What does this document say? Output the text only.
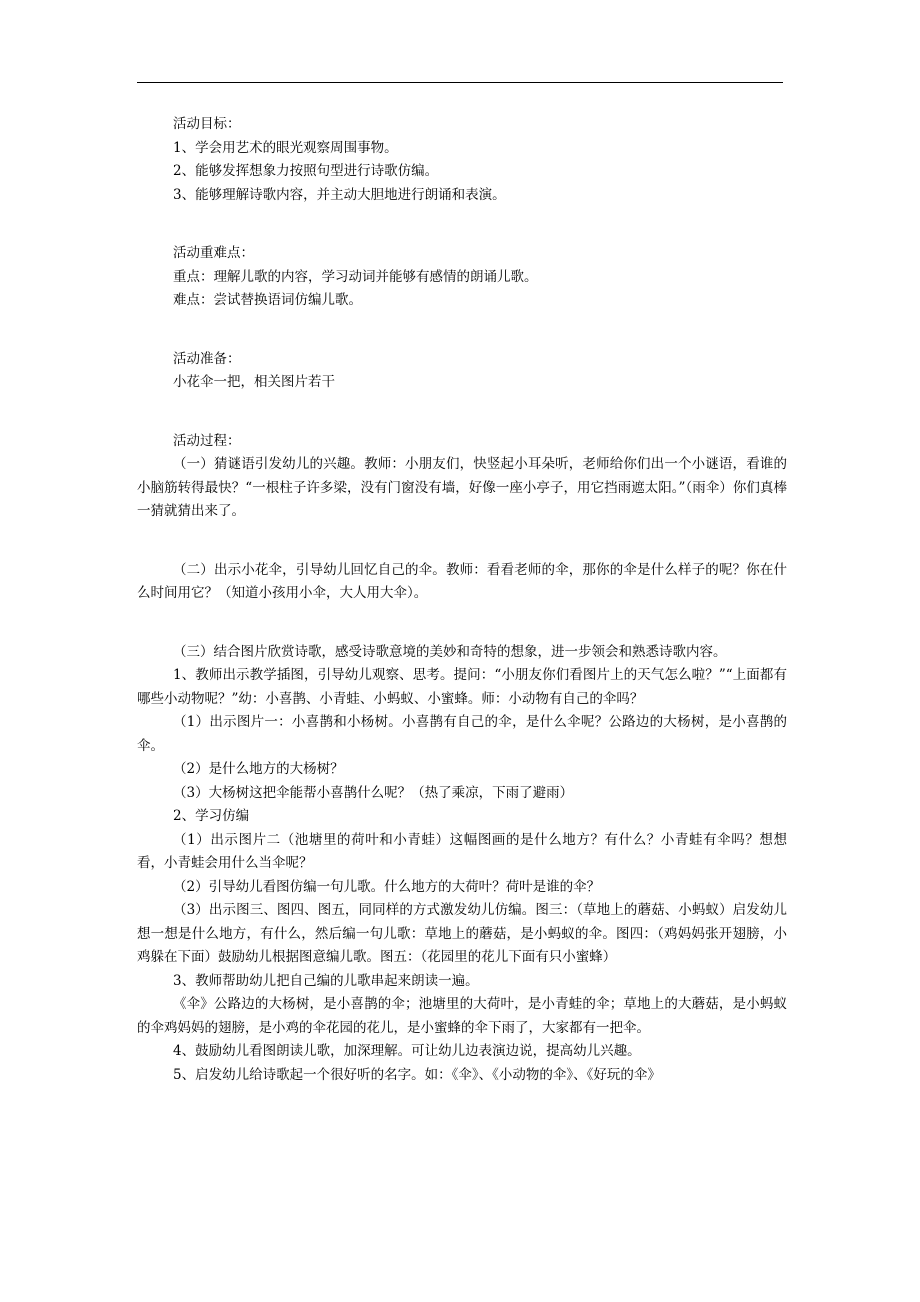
活动目标：

1、学会用艺术的眼光观察周围事物。

2、能够发挥想象力按照句型进行诗歌仿编。

3、能够理解诗歌内容，并主动大胆地进行朗诵和表演。

活动重难点：

重点：理解儿歌的内容，学习动词并能够有感情的朗诵儿歌。

难点：尝试替换语词仿编儿歌。

活动准备：

小花伞一把，相关图片若干

活动过程：

（一）猜谜语引发幼儿的兴趣。教师：小朋友们，快竖起小耳朵听，老师给你们出一个小谜语，看谁的小脑筋转得最快？“一根柱子许多梁，没有门窗没有墙，好像一座小亭子，用它挡雨遮太阳。”（雨伞）你们真棒一猜就猜出来了。

（二）出示小花伞，引导幼儿回忆自己的伞。教师：看看老师的伞，那你的伞是什么样子的呢？你在什么时间用它？（知道小孩用小伞，大人用大伞）。

（三）结合图片欣赏诗歌，感受诗歌意境的美妙和奇特的想象，进一步领会和熟悉诗歌内容。

1、教师出示教学插图，引导幼儿观察、思考。提问：“小朋友你们看图片上的天气怎么啦？”“上面都有哪些小动物呢？”幼：小喜鹊、小青蛙、小蚂蚁、小蜜蜂。师：小动物有自己的伞吗？

（1）出示图片一：小喜鹊和小杨树。小喜鹊有自己的伞，是什么伞呢？公路边的大杨树，是小喜鹊的伞。

（2）是什么地方的大杨树？

（3）大杨树这把伞能帮小喜鹊什么呢？（热了乘凉，下雨了避雨）

2、学习仿编

（1）出示图片二（池塘里的荷叶和小青蛙）这幅图画的是什么地方？有什么？小青蛙有伞吗？想想看，小青蛙会用什么当伞呢？

（2）引导幼儿看图仿编一句儿歌。什么地方的大荷叶？荷叶是谁的伞？

（3）出示图三、图四、图五，同同样的方式激发幼儿仿编。图三：（草地上的蘑菇、小蚂蚁）启发幼儿想一想是什么地方，有什么，然后编一句儿歌：草地上的蘑菇，是小蚂蚁的伞。图四：（鸡妈妈张开翅膀，小鸡躲在下面）鼓励幼儿根据图意编儿歌。图五：（花园里的花儿下面有只小蜜蜂）

3、教师帮助幼儿把自己编的儿歌串起来朗读一遍。

《伞》公路边的大杨树，是小喜鹊的伞；池塘里的大荷叶，是小青蛙的伞；草地上的大蘑菇，是小蚂蚁的伞鸡妈妈的翅膀，是小鸡的伞花园的花儿，是小蜜蜂的伞下雨了，大家都有一把伞。

4、鼓励幼儿看图朗读儿歌，加深理解。可让幼儿边表演边说，提高幼儿兴趣。

5、启发幼儿给诗歌起一个很好听的名字。如：《伞》、《小动物的伞》、《好玩的伞》
